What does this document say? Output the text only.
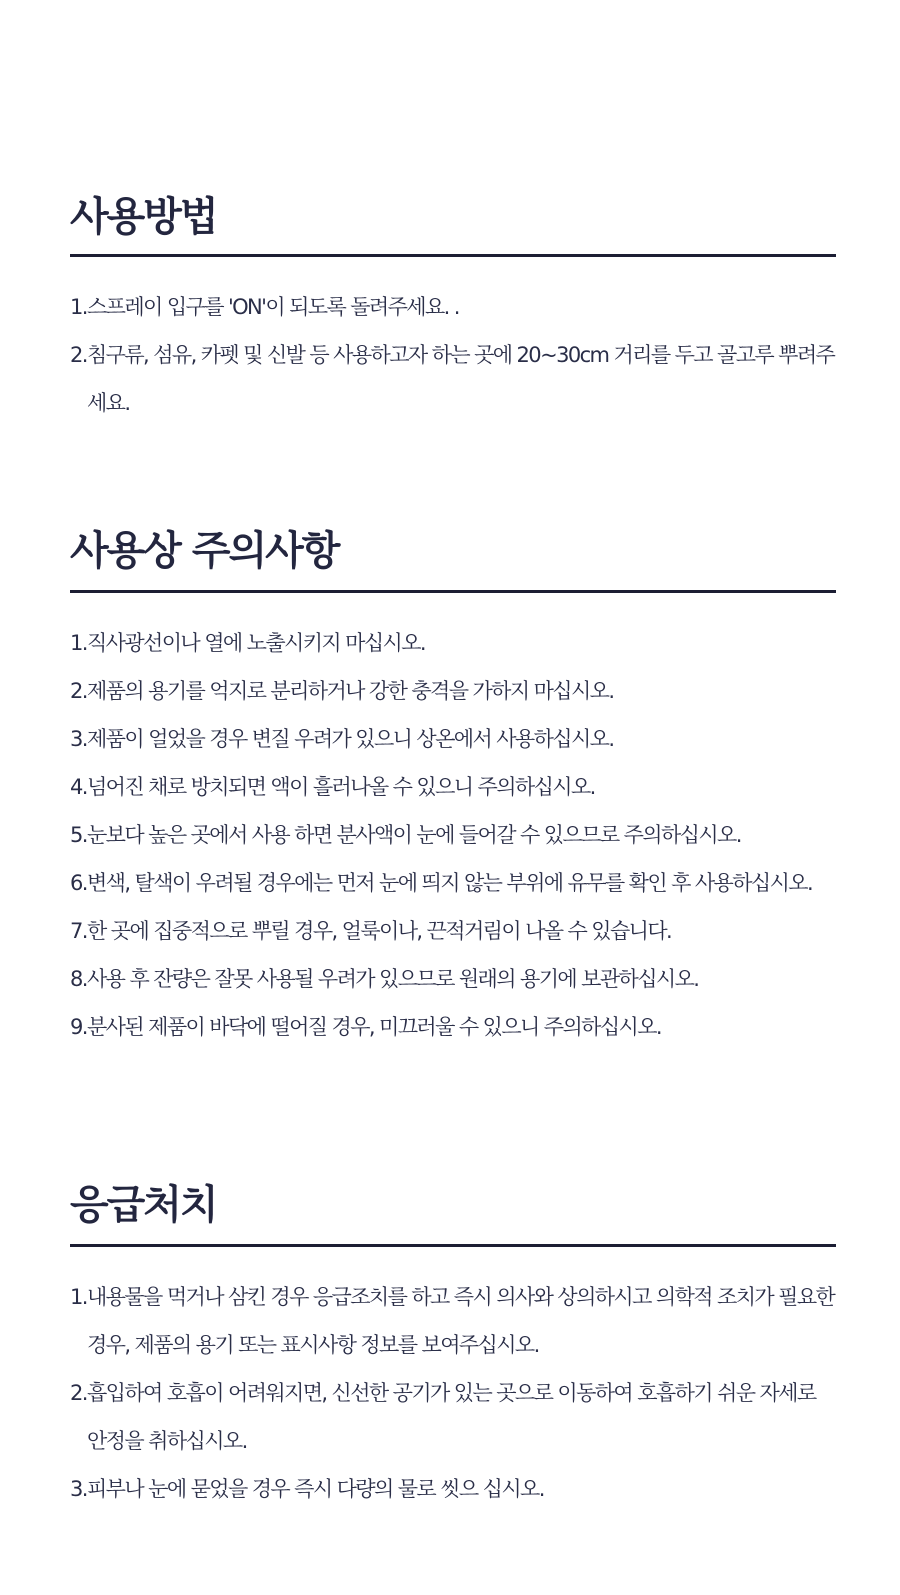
사용방법
1. 스프레이 입구를 'ON'이 되도록 돌려주세요. .
2. 침구류, 섬유, 카펫 및 신발 등 사용하고자 하는 곳에 20~30cm 거리를 두고 골고루 뿌려주세요.
사용상 주의사항
1. 직사광선이나 열에 노출시키지 마십시오.
2. 제품의 용기를 억지로 분리하거나 강한 충격을 가하지 마십시오.
3. 제품이 얼었을 경우 변질 우려가 있으니 상온에서 사용하십시오.
4. 넘어진 채로 방치되면 액이 흘러나올 수 있으니 주의하십시오.
5. 눈보다 높은 곳에서 사용 하면 분사액이 눈에 들어갈 수 있으므로 주의하십시오.
6. 변색, 탈색이 우려될 경우에는 먼저 눈에 띄지 않는 부위에 유무를 확인 후 사용하십시오.
7. 한 곳에 집중적으로 뿌릴 경우, 얼룩이나, 끈적거림이 나올 수 있습니다.
8. 사용 후 잔량은 잘못 사용될 우려가 있으므로 원래의 용기에 보관하십시오.
9. 분사된 제품이 바닥에 떨어질 경우, 미끄러울 수 있으니 주의하십시오.
응급처치
1. 내용물을 먹거나 삼킨 경우 응급조치를 하고 즉시 의사와 상의하시고 의학적 조치가 필요한 경우, 제품의 용기 또는 표시사항 정보를 보여주십시오.
2. 흡입하여 호흡이 어려워지면, 신선한 공기가 있는 곳으로 이동하여 호흡하기 쉬운 자세로 안정을 취하십시오.
3. 피부나 눈에 묻었을 경우 즉시 다량의 물로 씻으 십시오.
